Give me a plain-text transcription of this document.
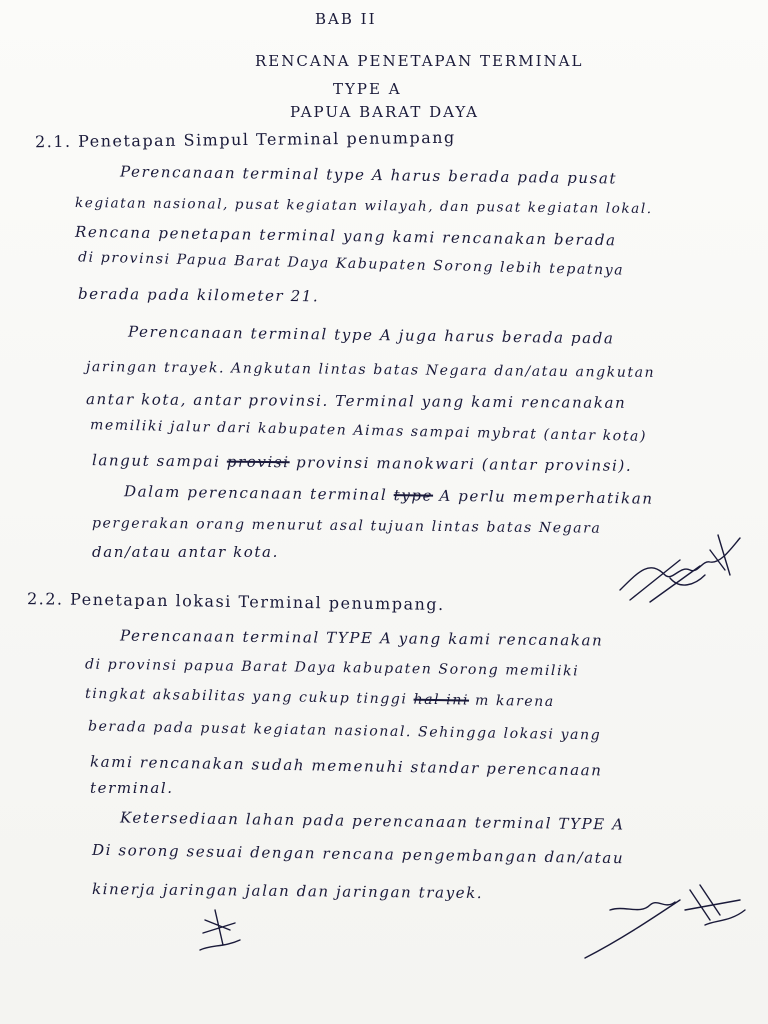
BAB II
RENCANA PENETAPAN TERMINAL
TYPE A
PAPUA BARAT DAYA
2.1. Penetapan Simpul Terminal penumpang
Perencanaan terminal type A harus berada pada pusat
kegiatan nasional, pusat kegiatan wilayah, dan pusat kegiatan lokal.
Rencana penetapan terminal yang kami rencanakan berada
di provinsi Papua Barat Daya Kabupaten Sorong lebih tepatnya
berada pada kilometer 21.
Perencanaan terminal type A juga harus berada pada
jaringan trayek. Angkutan lintas batas Negara dan/atau angkutan
antar kota, antar provinsi. Terminal yang kami rencanakan
memiliki jalur dari kabupaten Aimas sampai mybrat (antar kota)
langut sampai provisi provinsi manokwari (antar provinsi).
Dalam perencanaan terminal type A perlu memperhatikan
pergerakan orang menurut asal tujuan lintas batas Negara
dan/atau antar kota.
2.2. Penetapan lokasi Terminal penumpang.
Perencanaan terminal TYPE A yang kami rencanakan
di provinsi papua Barat Daya kabupaten Sorong memiliki
tingkat aksabilitas yang cukup tinggi hal ini m karena
berada pada pusat kegiatan nasional. Sehingga lokasi yang
kami rencanakan sudah memenuhi standar perencanaan
terminal.
Ketersediaan lahan pada perencanaan terminal TYPE A
Di sorong sesuai dengan rencana pengembangan dan/atau
kinerja jaringan jalan dan jaringan trayek.
